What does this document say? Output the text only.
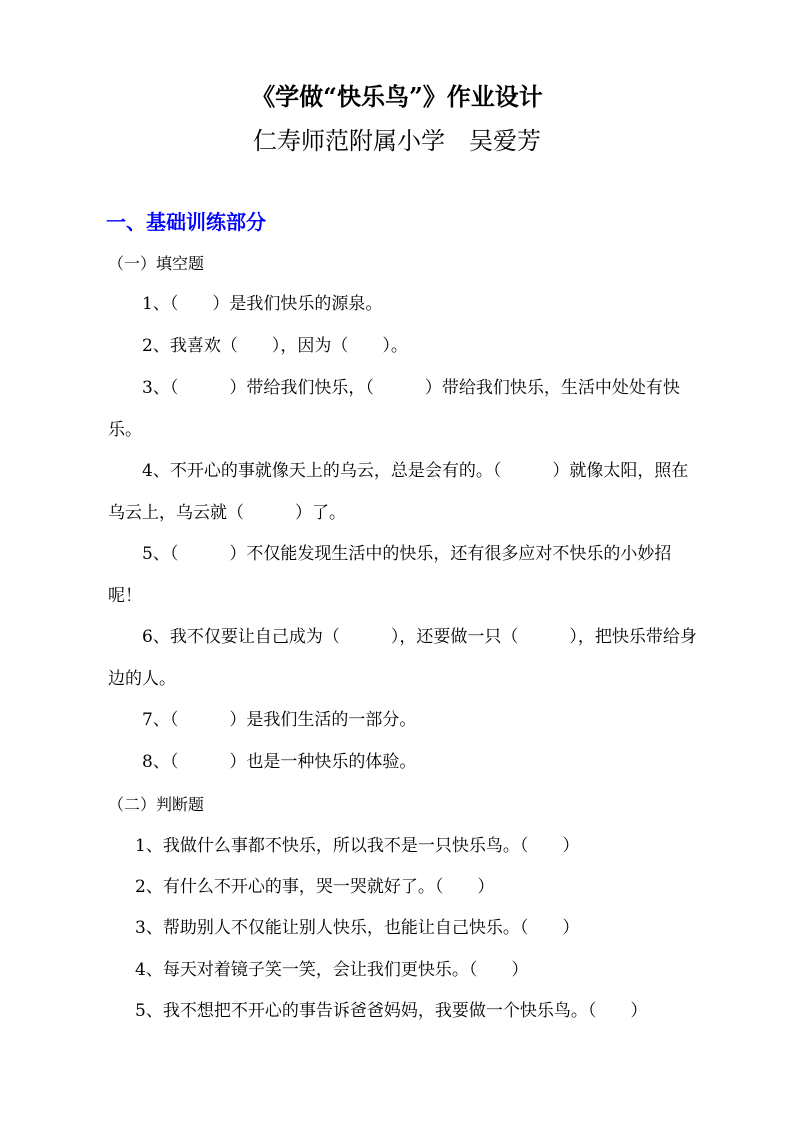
《学做“快乐鸟”》作业设计
仁寿师范附属小学　吴爱芳
一、基础训练部分
（一）填空题
1、（　　）是我们快乐的源泉。
2、我喜欢（　　），因为（　　）。
3、（　　　）带给我们快乐，（　　　）带给我们快乐，生活中处处有快乐。
4、不开心的事就像天上的乌云，总是会有的。（　　　）就像太阳，照在乌云上，乌云就（　　　）了。
5、（　　　）不仅能发现生活中的快乐，还有很多应对不快乐的小妙招呢！
6、我不仅要让自己成为（　　　），还要做一只（　　　），把快乐带给身边的人。
7、（　　　）是我们生活的一部分。
8、（　　　）也是一种快乐的体验。
（二）判断题
1、我做什么事都不快乐，所以我不是一只快乐鸟。（　　）
2、有什么不开心的事，哭一哭就好了。（　　）
3、帮助别人不仅能让别人快乐，也能让自己快乐。（　　）
4、每天对着镜子笑一笑，会让我们更快乐。（　　）
5、我不想把不开心的事告诉爸爸妈妈，我要做一个快乐鸟。（　　）
